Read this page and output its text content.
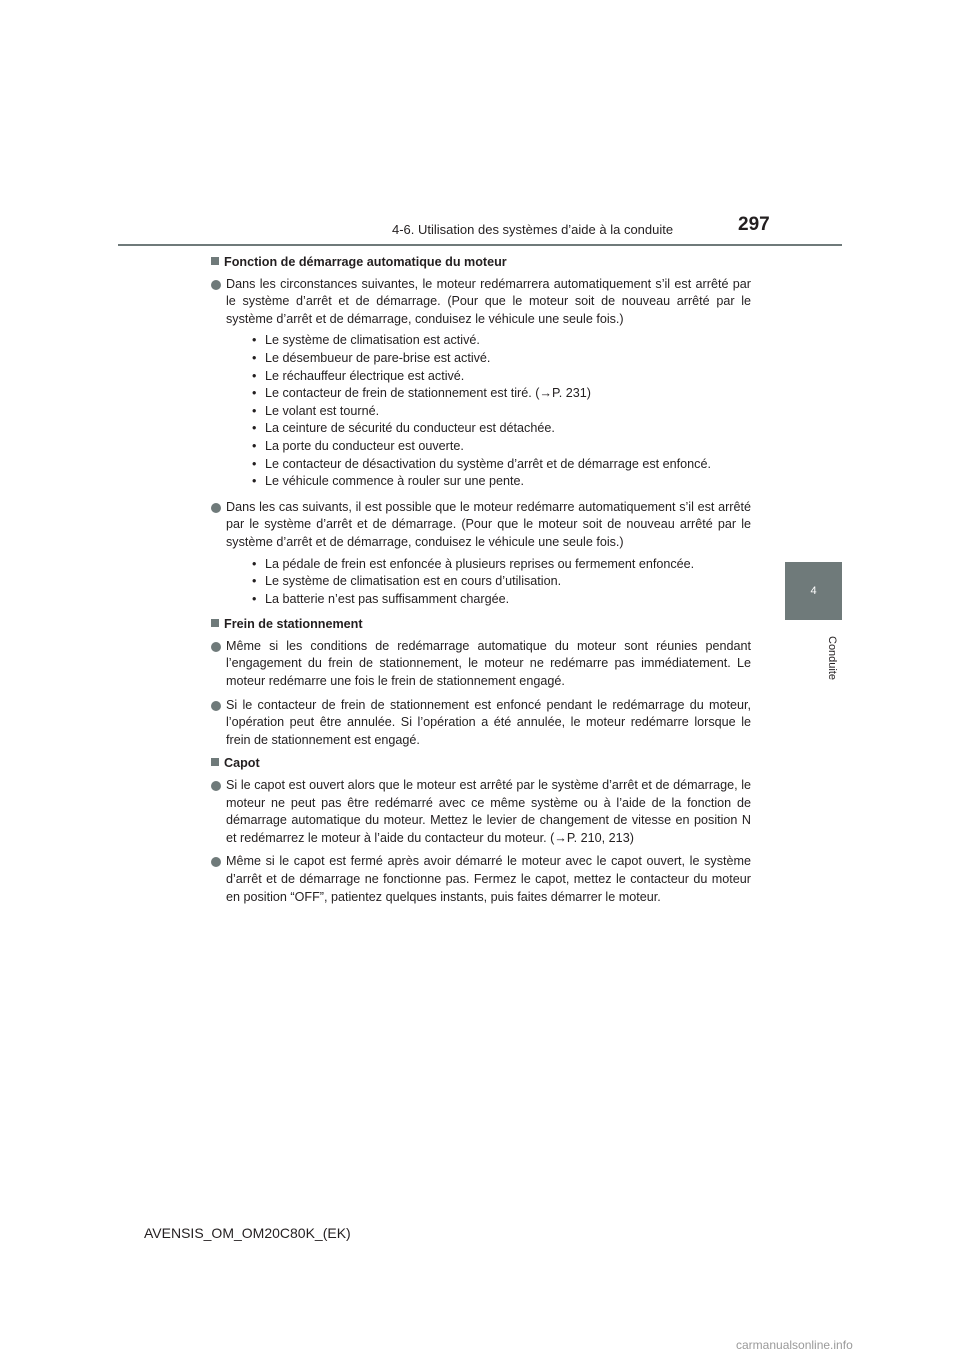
4-6. Utilisation des systèmes d’aide à la conduite	297
4
Conduite
Fonction de démarrage automatique du moteur
Dans les circonstances suivantes, le moteur redémarrera automatiquement s’il est arrêté par le système d’arrêt et de démarrage. (Pour que le moteur soit de nouveau arrêté par le système d’arrêt et de démarrage, conduisez le véhicule une seule fois.)
• Le système de climatisation est activé.
• Le désembueur de pare-brise est activé.
• Le réchauffeur électrique est activé.
• Le contacteur de frein de stationnement est tiré. (→P. 231)
• Le volant est tourné.
• La ceinture de sécurité du conducteur est détachée.
• La porte du conducteur est ouverte.
• Le contacteur de désactivation du système d’arrêt et de démarrage est enfoncé.
• Le véhicule commence à rouler sur une pente.
Dans les cas suivants, il est possible que le moteur redémarre automatiquement s’il est arrêté par le système d’arrêt et de démarrage. (Pour que le moteur soit de nouveau arrêté par le système d’arrêt et de démarrage, conduisez le véhicule une seule fois.)
• La pédale de frein est enfoncée à plusieurs reprises ou fermement enfoncée.
• Le système de climatisation est en cours d’utilisation.
• La batterie n’est pas suffisamment chargée.
Frein de stationnement
Même si les conditions de redémarrage automatique du moteur sont réunies pendant l’engagement du frein de stationnement, le moteur ne redémarre pas immédiatement. Le moteur redémarre une fois le frein de stationnement engagé.
Si le contacteur de frein de stationnement est enfoncé pendant le redémarrage du moteur, l’opération peut être annulée. Si l’opération a été annulée, le moteur redémarre lorsque le frein de stationnement est engagé.
Capot
Si le capot est ouvert alors que le moteur est arrêté par le système d’arrêt et de démarrage, le moteur ne peut pas être redémarré avec ce même système ou à l’aide de la fonction de démarrage automatique du moteur. Mettez le levier de changement de vitesse en position N et redémarrez le moteur à l’aide du contacteur du moteur. (→P. 210, 213)
Même si le capot est fermé après avoir démarré le moteur avec le capot ouvert, le système d’arrêt et de démarrage ne fonctionne pas. Fermez le capot, mettez le contacteur du moteur en position “OFF”, patientez quelques instants, puis faites démarrer le moteur.
AVENSIS_OM_OM20C80K_(EK)
carmanualsonline.info
